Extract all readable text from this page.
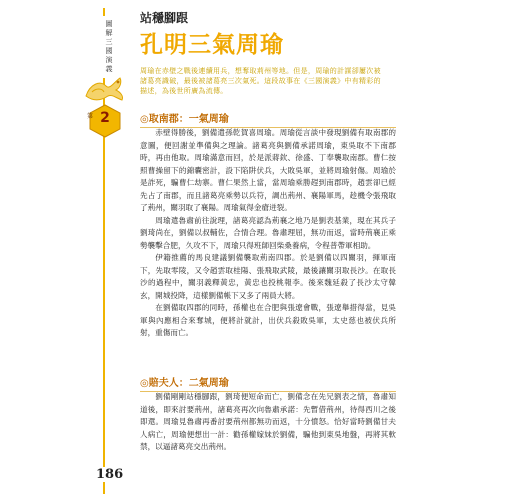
圖解三國演義
第 2
186
站穩腳跟
孔明三氣周瑜
周瑜在赤壁之戰後連續用兵，想奪取荊州等地。但是，周瑜的計謀卻屢次被諸葛亮識破，最後被諸葛亮三次氣死。這段故事在《三國演義》中有精彩的描述，為後世所廣為流傳。
◎取南郡：一氣周瑜

赤壁得勝後，劉備遣孫乾賀喜周瑜。周瑜從言談中發現劉備有取南郡的意圖，便回謝並準備與之理論。諸葛亮與劉備承諾周瑜，東吳取不下南郡時，再由他取。周瑜滿意而回，於是派蔣欽、徐盛、丁奉襲取南郡。曹仁按照曹操留下的錦囊密計，設下陷阱伏兵，大敗吳軍，並將周瑜射傷。周瑜於是詐死，騙曹仁劫寨。曹仁果然上當，當周瑜乘勝趕到南郡時，趙雲卻已經先占了南郡，而且諸葛亮乘勢以兵符，調出荊州、襄陽軍馬，趁機令張飛取了荊州，關羽取了襄陽。周瑜氣得金瘡迸裂。

周瑜遣魯肅前往說理，諸葛亮認為荊襄之地乃是劉表基業，現在其兵子劉琦尚在，劉備以叔輔佐，合情合理。魯肅理屈，無功而返，當時荊襄正乘勢襲擊合肥，久攻不下，周瑜只得班師回柴桑養病，令程普帶軍相助。

伊籍推薦的馬良建議劉備襲取荊南四郡。於是劉備以四關羽，揮軍南下，先取零陵，又令趙雲取桂陽、張飛取武陵，最後讓關羽取長沙。在取長沙的過程中，關羽義釋黃忠，黃忠也投桃報李。後來魏延殺了長沙太守韓玄，開城投降，這樣劉備帳下又多了兩員大將。

在劉備取四郡的同時，孫權也在合肥與張遼會戰，張遼舉措得當，見吳軍與內應相合來奪城，便將計就計，出伏兵殺敗吳軍，太史慈也被伏兵所射，重傷而亡。

◎賠夫人：二氣周瑜

劉備剛剛站穩腳跟，劉琦便短命而亡，劉備念在先兄劉表之情，魯肅知道後，即來討要荊州，諸葛亮再次向魯肅承諾：先暫借荊州，待得西川之後即還。周瑜見魯肅再番討要荊州都無功而返，十分憤怒。恰好當時劉備甘夫人病亡，周瑜便想出一計：勸孫權嫁妹於劉備，騙他到東吳地盤，再將其軟禁，以逼諸葛亮交出荊州。
